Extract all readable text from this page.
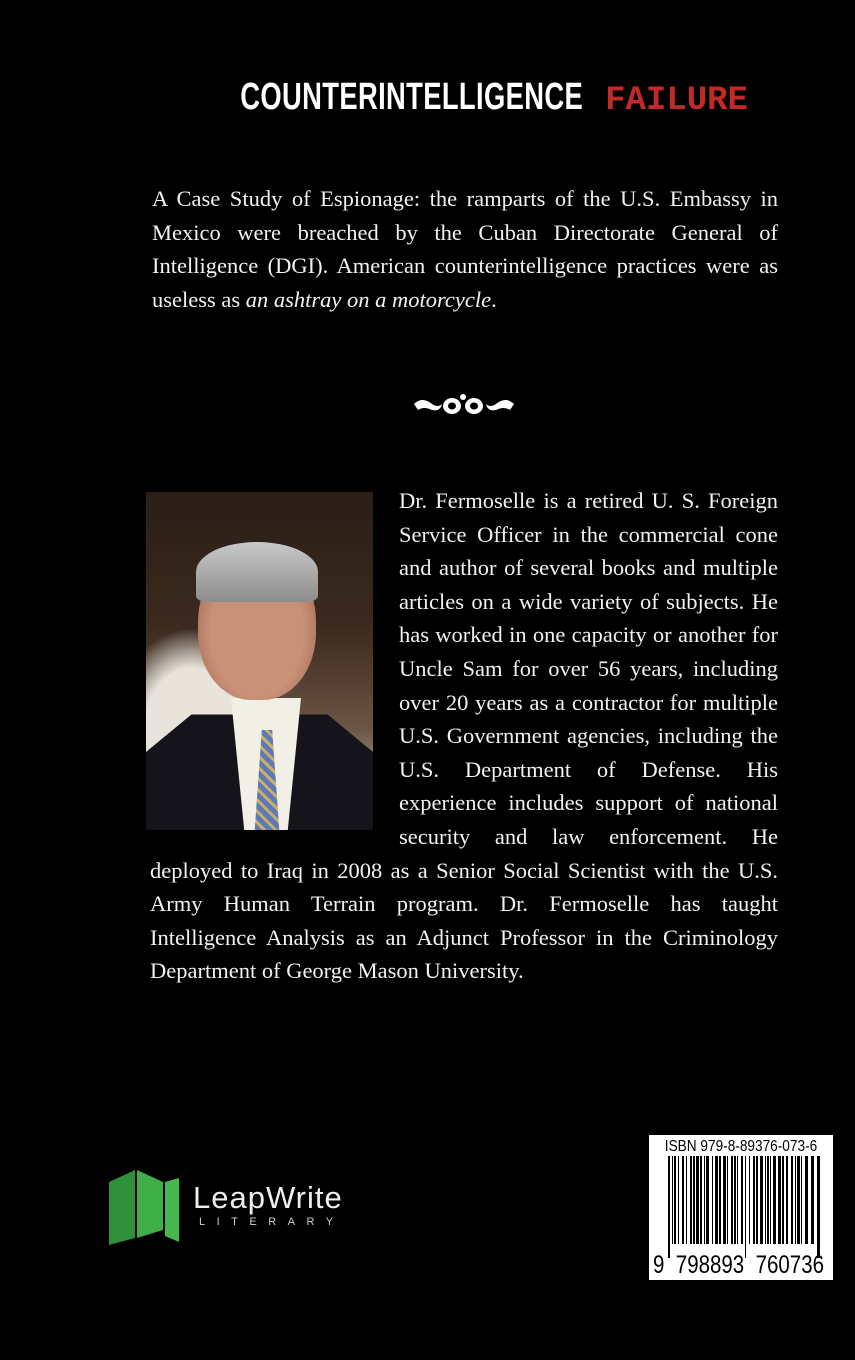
COUNTERINTELLIGENCE FAILURE
A Case Study of Espionage: the ramparts of the U.S. Embassy in Mexico were breached by the Cuban Directorate General of Intelligence (DGI). American counterintelligence practices were as useless as an ashtray on a motorcycle.
Dr. Fermoselle is a retired U. S. Foreign Service Officer in the commercial cone and author of several books and multiple articles on a wide variety of subjects. He has worked in one capacity or another for Uncle Sam for over 56 years, including over 20 years as a contractor for multiple U.S. Government agencies, including the U.S. Department of Defense. His experience includes support of national security and law enforcement. He deployed to Iraq in 2008 as a Senior Social Scientist with the U.S. Army Human Terrain program. Dr. Fermoselle has taught Intelligence Analysis as an Adjunct Professor in the Criminology Department of George Mason University.
LeapWrite
LITERARY
ISBN 979-8-89376-073-6
9  798893  760736
